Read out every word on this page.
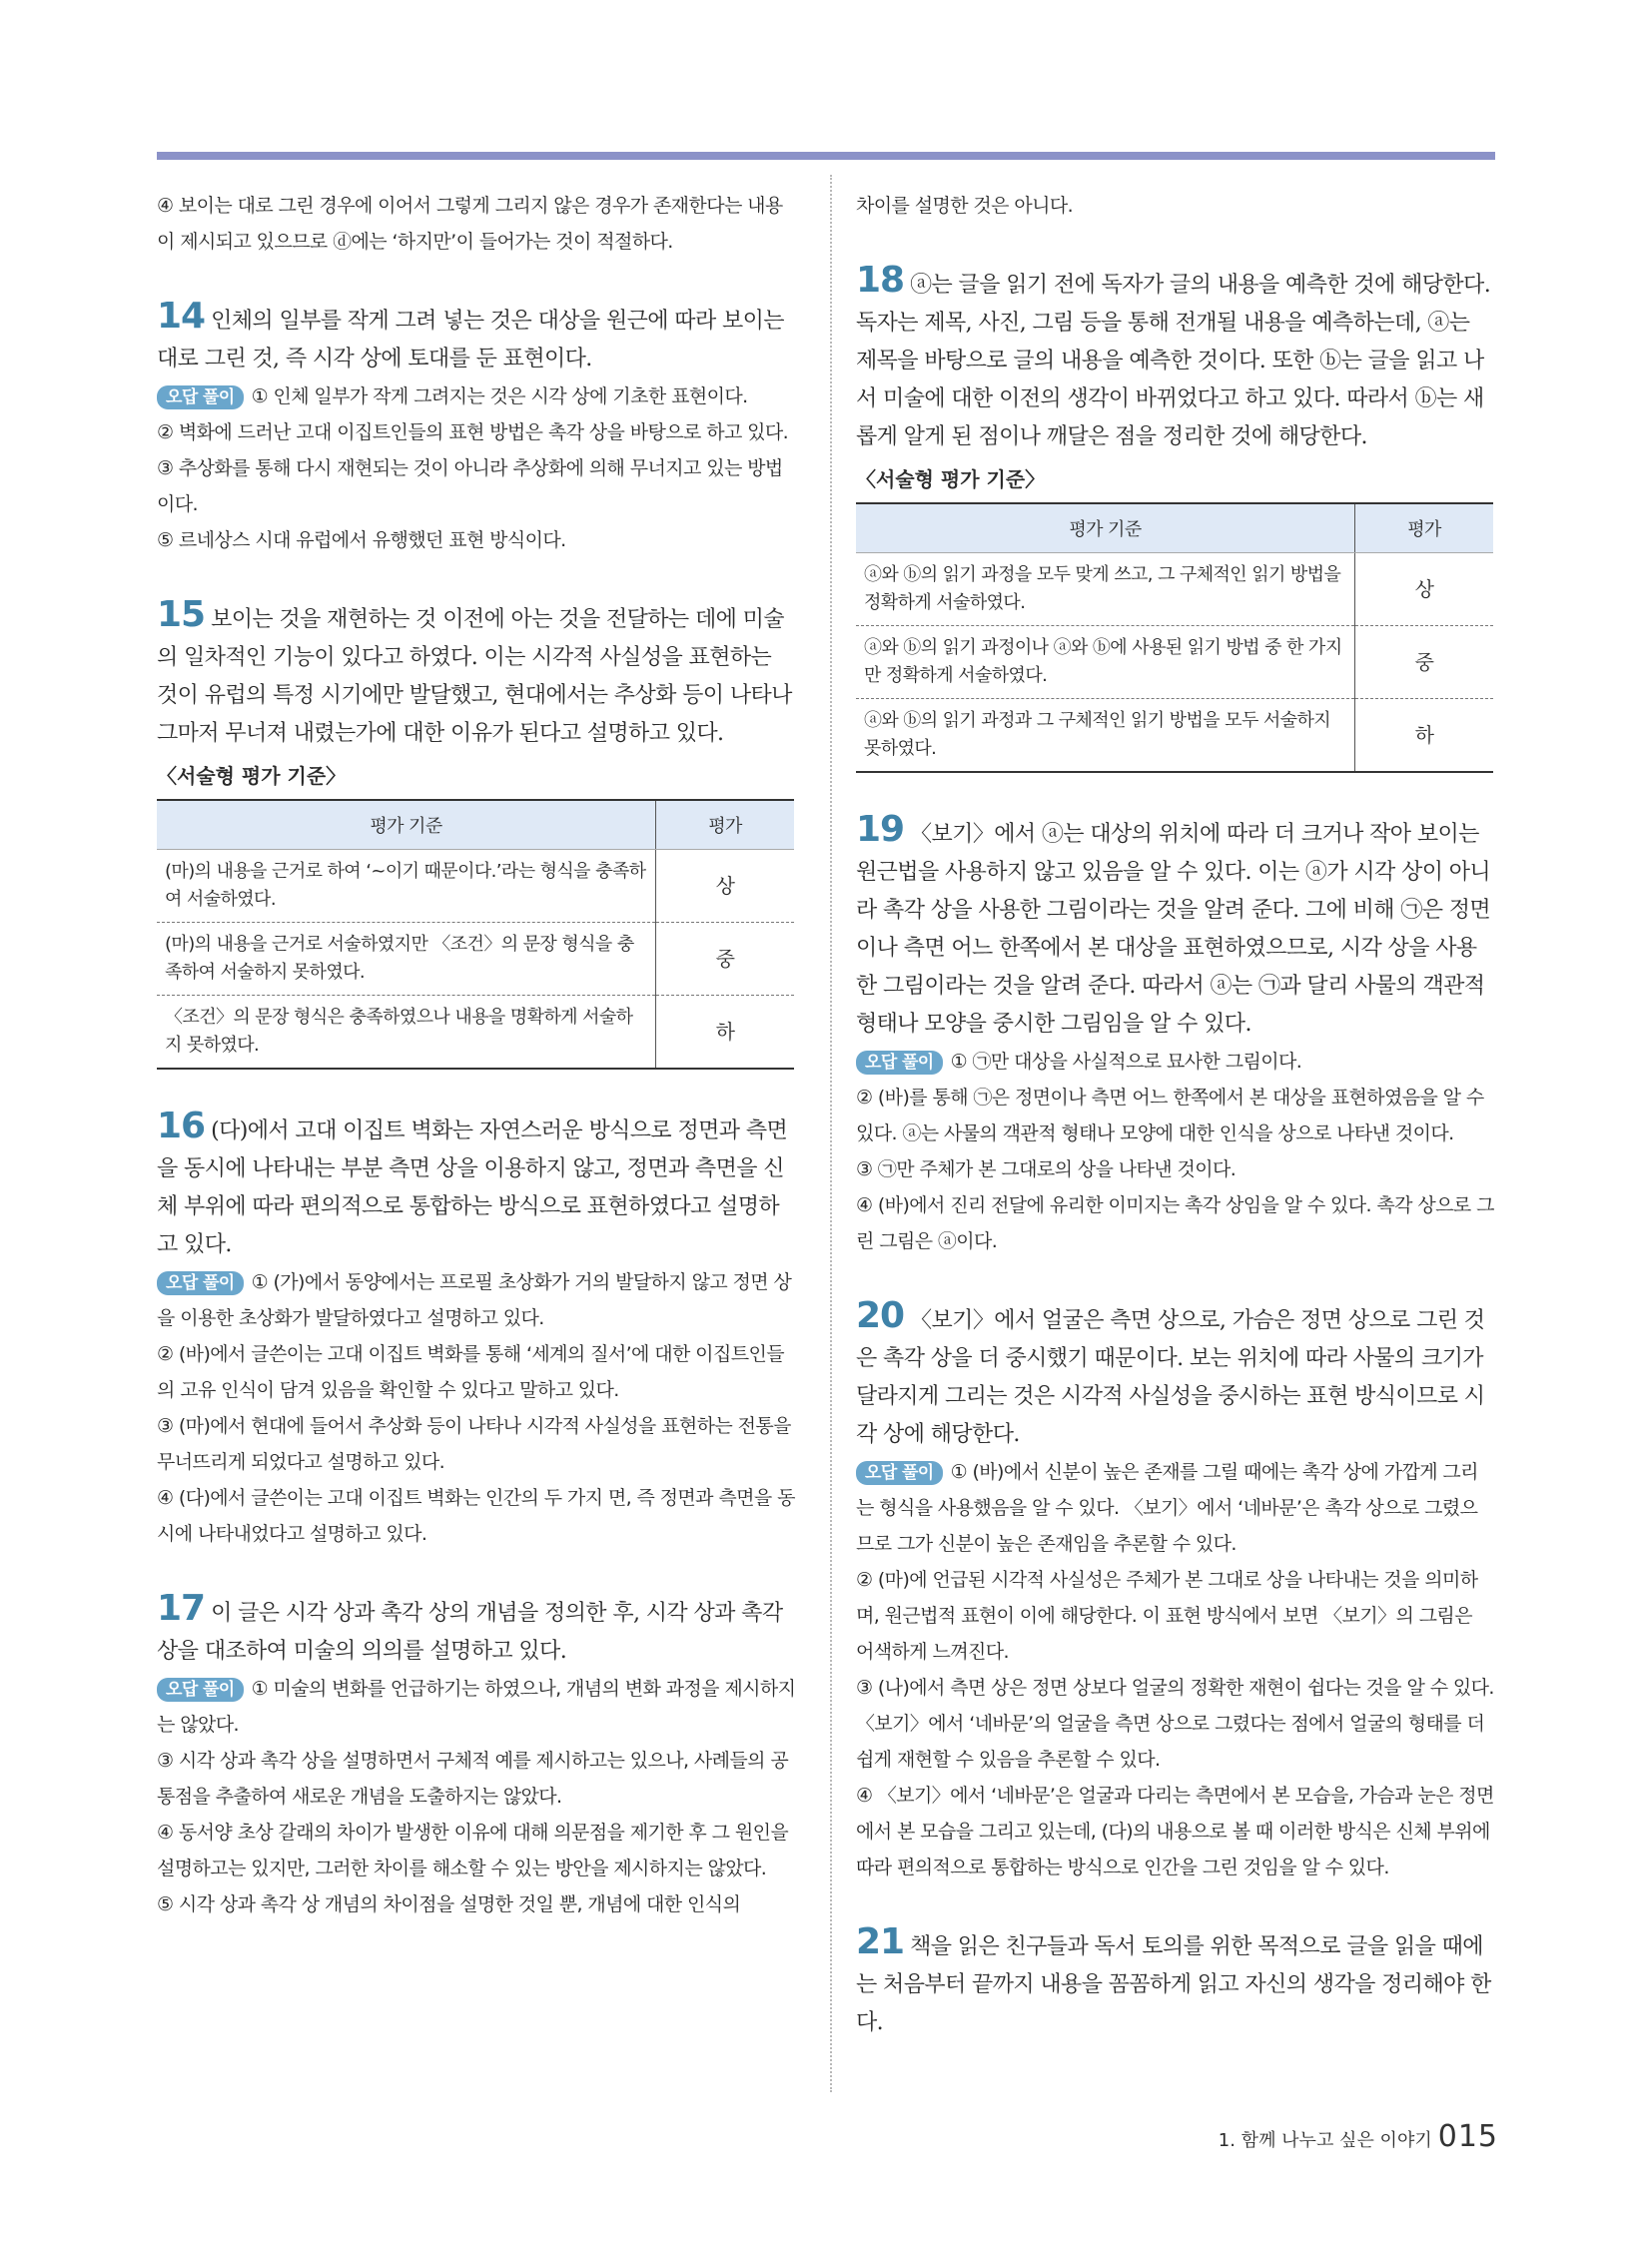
④ 보이는 대로 그린 경우에 이어서 그렇게 그리지 않은 경우가 존재한다는 내용이 제시되고 있으므로 ⓓ에는 ‘하지만’이 들어가는 것이 적절하다.

14 인체의 일부를 작게 그려 넣는 것은 대상을 원근에 따라 보이는 대로 그린 것, 즉 시각 상에 토대를 둔 표현이다.

오답 풀이 ① 인체 일부가 작게 그려지는 것은 시각 상에 기초한 표현이다.

② 벽화에 드러난 고대 이집트인들의 표현 방법은 촉각 상을 바탕으로 하고 있다.

③ 추상화를 통해 다시 재현되는 것이 아니라 추상화에 의해 무너지고 있는 방법이다.

⑤ 르네상스 시대 유럽에서 유행했던 표현 방식이다.

15 보이는 것을 재현하는 것 이전에 아는 것을 전달하는 데에 미술의 일차적인 기능이 있다고 하였다. 이는 시각적 사실성을 표현하는 것이 유럽의 특정 시기에만 발달했고, 현대에서는 추상화 등이 나타나 그마저 무너져 내렸는가에 대한 이유가 된다고 설명하고 있다.

〈서술형 평가 기준〉
평가 기준	평가
(마)의 내용을 근거로 하여 ‘~이기 때문이다.’라는 형식을 충족하여 서술하였다.	상
(마)의 내용을 근거로 서술하였지만 〈조건〉의 문장 형식을 충족하여 서술하지 못하였다.	중
〈조건〉의 문장 형식은 충족하였으나 내용을 명확하게 서술하지 못하였다.	하

16 (다)에서 고대 이집트 벽화는 자연스러운 방식으로 정면과 측면을 동시에 나타내는 부분 측면 상을 이용하지 않고, 정면과 측면을 신체 부위에 따라 편의적으로 통합하는 방식으로 표현하였다고 설명하고 있다.

오답 풀이 ① (가)에서 동양에서는 프로필 초상화가 거의 발달하지 않고 정면 상을 이용한 초상화가 발달하였다고 설명하고 있다.

② (바)에서 글쓴이는 고대 이집트 벽화를 통해 ‘세계의 질서’에 대한 이집트인들의 고유 인식이 담겨 있음을 확인할 수 있다고 말하고 있다.

③ (마)에서 현대에 들어서 추상화 등이 나타나 시각적 사실성을 표현하는 전통을 무너뜨리게 되었다고 설명하고 있다.

④ (다)에서 글쓴이는 고대 이집트 벽화는 인간의 두 가지 면, 즉 정면과 측면을 동시에 나타내었다고 설명하고 있다.

17 이 글은 시각 상과 촉각 상의 개념을 정의한 후, 시각 상과 촉각 상을 대조하여 미술의 의의를 설명하고 있다.

오답 풀이 ① 미술의 변화를 언급하기는 하였으나, 개념의 변화 과정을 제시하지는 않았다.

③ 시각 상과 촉각 상을 설명하면서 구체적 예를 제시하고는 있으나, 사례들의 공통점을 추출하여 새로운 개념을 도출하지는 않았다.

④ 동서양 초상 갈래의 차이가 발생한 이유에 대해 의문점을 제기한 후 그 원인을 설명하고는 있지만, 그러한 차이를 해소할 수 있는 방안을 제시하지는 않았다.

⑤ 시각 상과 촉각 상 개념의 차이점을 설명한 것일 뿐, 개념에 대한 인식의

차이를 설명한 것은 아니다.

18 ⓐ는 글을 읽기 전에 독자가 글의 내용을 예측한 것에 해당한다. 독자는 제목, 사진, 그림 등을 통해 전개될 내용을 예측하는데, ⓐ는 제목을 바탕으로 글의 내용을 예측한 것이다. 또한 ⓑ는 글을 읽고 나서 미술에 대한 이전의 생각이 바뀌었다고 하고 있다. 따라서 ⓑ는 새롭게 알게 된 점이나 깨달은 점을 정리한 것에 해당한다.

〈서술형 평가 기준〉
평가 기준	평가
ⓐ와 ⓑ의 읽기 과정을 모두 맞게 쓰고, 그 구체적인 읽기 방법을 정확하게 서술하였다.	상
ⓐ와 ⓑ의 읽기 과정이나 ⓐ와 ⓑ에 사용된 읽기 방법 중 한 가지만 정확하게 서술하였다.	중
ⓐ와 ⓑ의 읽기 과정과 그 구체적인 읽기 방법을 모두 서술하지 못하였다.	하

19 〈보기〉에서 ⓐ는 대상의 위치에 따라 더 크거나 작아 보이는 원근법을 사용하지 않고 있음을 알 수 있다. 이는 ⓐ가 시각 상이 아니라 촉각 상을 사용한 그림이라는 것을 알려 준다. 그에 비해 ㉠은 정면이나 측면 어느 한쪽에서 본 대상을 표현하였으므로, 시각 상을 사용한 그림이라는 것을 알려 준다. 따라서 ⓐ는 ㉠과 달리 사물의 객관적 형태나 모양을 중시한 그림임을 알 수 있다.

오답 풀이 ① ㉠만 대상을 사실적으로 묘사한 그림이다.

② (바)를 통해 ㉠은 정면이나 측면 어느 한쪽에서 본 대상을 표현하였음을 알 수 있다. ⓐ는 사물의 객관적 형태나 모양에 대한 인식을 상으로 나타낸 것이다.

③ ㉠만 주체가 본 그대로의 상을 나타낸 것이다.

④ (바)에서 진리 전달에 유리한 이미지는 촉각 상임을 알 수 있다. 촉각 상으로 그린 그림은 ⓐ이다.

20 〈보기〉에서 얼굴은 측면 상으로, 가슴은 정면 상으로 그린 것은 촉각 상을 더 중시했기 때문이다. 보는 위치에 따라 사물의 크기가 달라지게 그리는 것은 시각적 사실성을 중시하는 표현 방식이므로 시각 상에 해당한다.

오답 풀이 ① (바)에서 신분이 높은 존재를 그릴 때에는 촉각 상에 가깝게 그리는 형식을 사용했음을 알 수 있다. 〈보기〉에서 ‘네바문’은 촉각 상으로 그렸으므로 그가 신분이 높은 존재임을 추론할 수 있다.

② (마)에 언급된 시각적 사실성은 주체가 본 그대로 상을 나타내는 것을 의미하며, 원근법적 표현이 이에 해당한다. 이 표현 방식에서 보면 〈보기〉의 그림은 어색하게 느껴진다.

③ (나)에서 측면 상은 정면 상보다 얼굴의 정확한 재현이 쉽다는 것을 알 수 있다. 〈보기〉에서 ‘네바문’의 얼굴을 측면 상으로 그렸다는 점에서 얼굴의 형태를 더 쉽게 재현할 수 있음을 추론할 수 있다.

④ 〈보기〉에서 ‘네바문’은 얼굴과 다리는 측면에서 본 모습을, 가슴과 눈은 정면에서 본 모습을 그리고 있는데, (다)의 내용으로 볼 때 이러한 방식은 신체 부위에 따라 편의적으로 통합하는 방식으로 인간을 그린 것임을 알 수 있다.

21 책을 읽은 친구들과 독서 토의를 위한 목적으로 글을 읽을 때에는 처음부터 끝까지 내용을 꼼꼼하게 읽고 자신의 생각을 정리해야 한다.

1. 함께 나누고 싶은 이야기 015
